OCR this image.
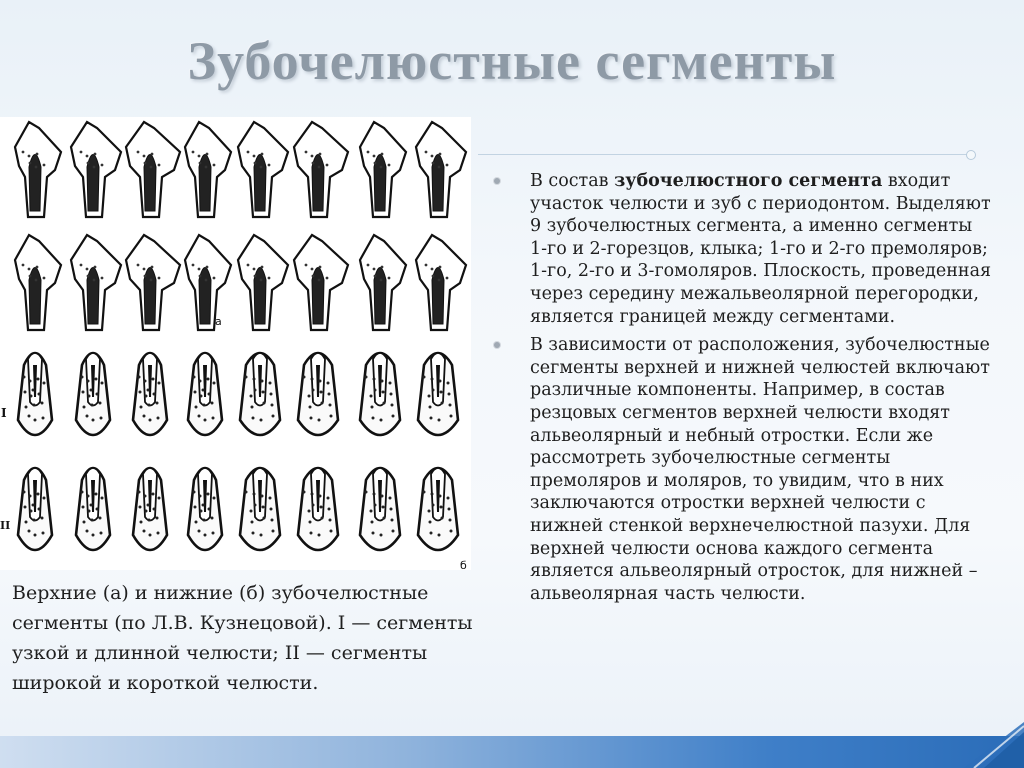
Зубочелюстные сегменты
а
б
I
II
Верхние (а) и нижние (б) зубочелюстные сегменты (по Л.В. Кузнецовой). I — сегменты узкой и длинной челюсти; II — сегменты широкой и короткой челюсти.
В состав зубочелюстного сегмента входит участок челюсти и зуб с периодонтом. Выделяют 9 зубочелюстных сегмента, а именно сегменты 1-го и 2-горезцов, клыка; 1-го и 2-го премоляров; 1-го, 2-го и 3-гомоляров. Плоскость, проведенная через середину межальвеолярной перегородки, является границей между сегментами.
В зависимости от расположения, зубочелюстные сегменты верхней и нижней челюстей включают различные компоненты. Например, в состав резцовых сегментов верхней челюсти входят альвеолярный и небный отростки. Если же рассмотреть зубочелюстные сегменты премоляров и моляров, то увидим, что в них заключаются отростки верхней челюсти с нижней стенкой верхнечелюстной пазухи. Для верхней челюсти основа каждого сегмента является альвеолярный отросток, для нижней – альвеолярная часть челюсти.
